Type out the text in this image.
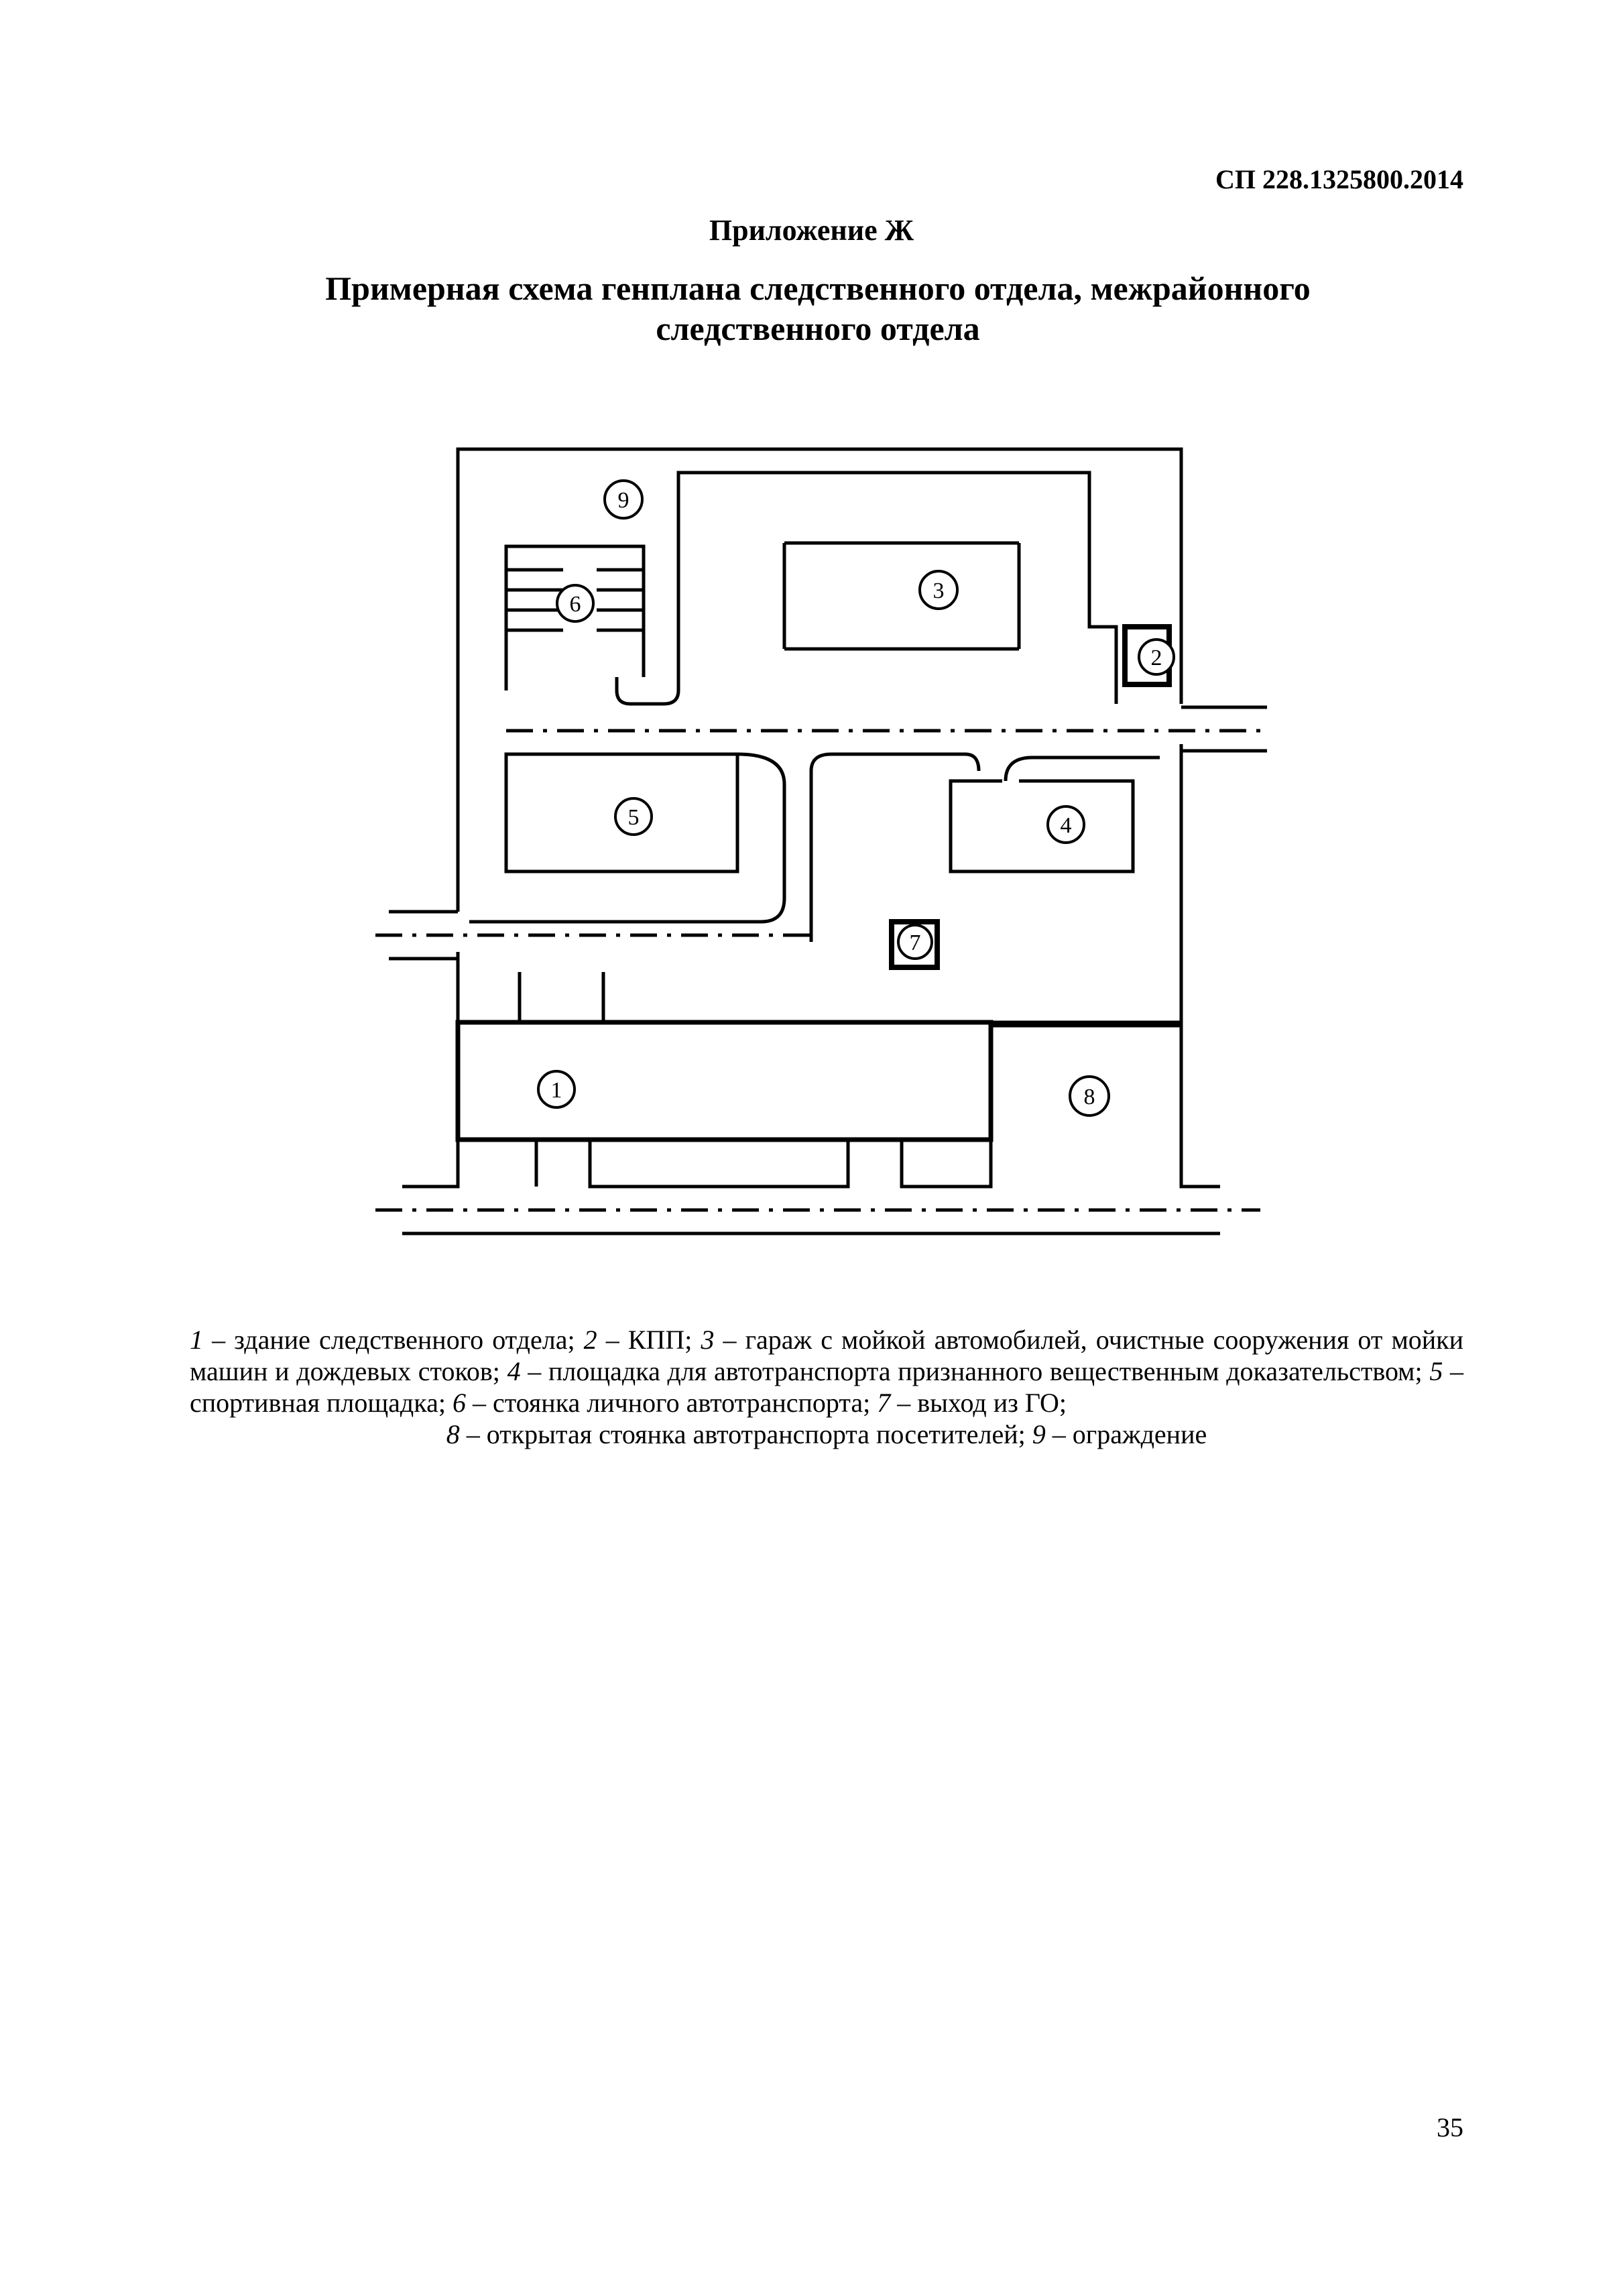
СП 228.1325800.2014
Приложение Ж
Примерная схема генплана следственного отдела, межрайонного
следственного отдела
1
2
3
4
5
6
7
8
9
1 – здание следственного отдела; 2 – КПП; 3 – гараж с мойкой автомобилей, очистные сооружения от мойки машин и дождевых стоков; 4 – площадка для автотранспорта признанного вещественным доказательством; 5 – спортивная площадка; 6 – стоянка личного автотранспорта; 7 – выход из ГО;
8 – открытая стоянка автотранспорта посетителей; 9 – ограждение
35
